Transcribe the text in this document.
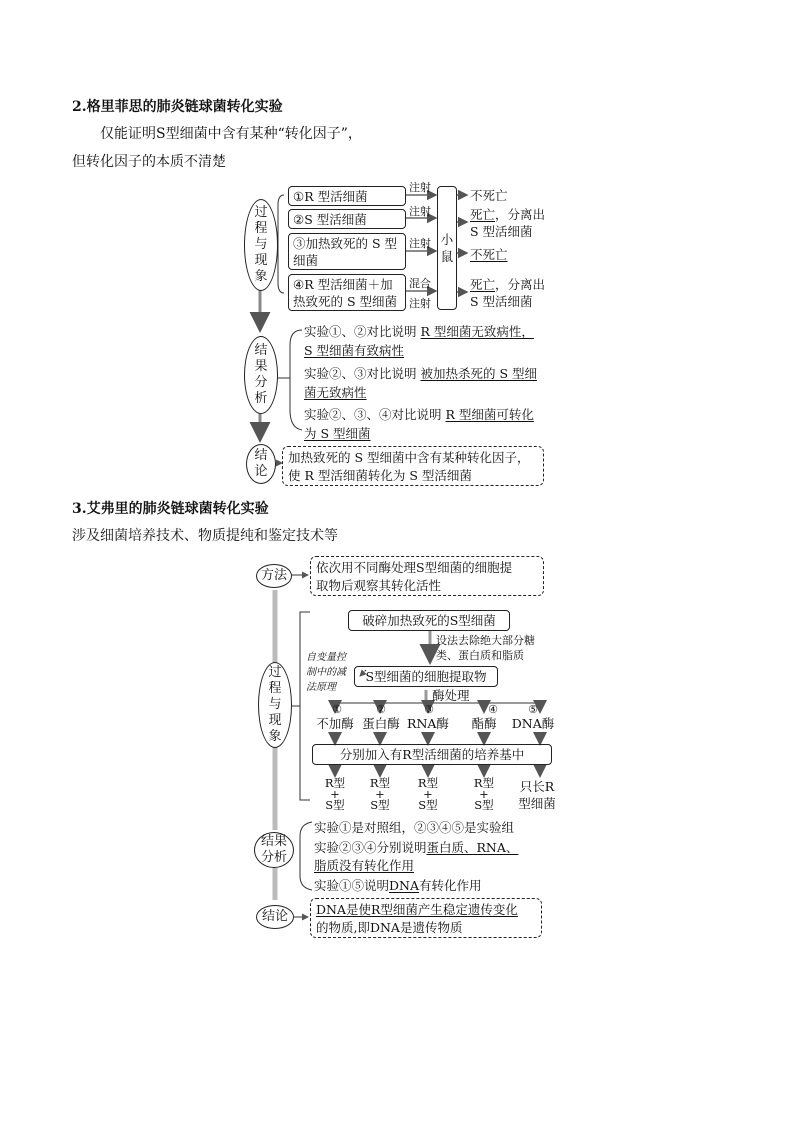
2.格里菲思的肺炎链球菌转化实验
仅能证明S型细菌中含有某种“转化因子”，
但转化因子的本质不清楚
过
程
与
现
象
①R 型活细菌
②S 型活细菌
③加热致死的 S 型细菌
④R 型活细菌＋加热致死的 S 型细菌
注射
注射
注射
混合
注射
小
鼠
不死亡
死亡，分离出
S 型活细菌
不死亡
死亡，分离出
S 型活细菌
结
果
分
析
实验①、②对比说明 R 型细菌无致病性，
S 型细菌有致病性
实验②、③对比说明 被加热杀死的 S 型细
菌无致病性
实验②、③、④对比说明 R 型细菌可转化
为 S 型细菌
结
论
加热致死的 S 型细菌中含有某种转化因子，
使 R 型活细菌转化为 S 型活细菌
3.艾弗里的肺炎链球菌转化实验
涉及细菌培养技术、物质提纯和鉴定技术等
方法
依次用不同酶处理S型细菌的细胞提
取物后观察其转化活性
过
程
与
现
象
破碎加热致死的S型细菌
设法去除绝大部分糖
类、蛋白质和脂质
S型细菌的细胞提取物
自变量控
制中的减
法原理
酶处理
①	②	③	④	⑤
不加酶 蛋白酶 RNA酶	酯酶	DNA酶
分别加入有R型活细菌的培养基中
R型
+
S型
R型
+
S型
R型
+
S型
R型
+
S型
只长R
型细菌
结果
分析
实验①是对照组，②③④⑤是实验组
实验②③④分别说明蛋白质、RNA、
脂质没有转化作用
实验①⑤说明DNA有转化作用
结论	DNA是使R型细菌产生稳定遗传变化
的物质,即DNA是遗传物质
